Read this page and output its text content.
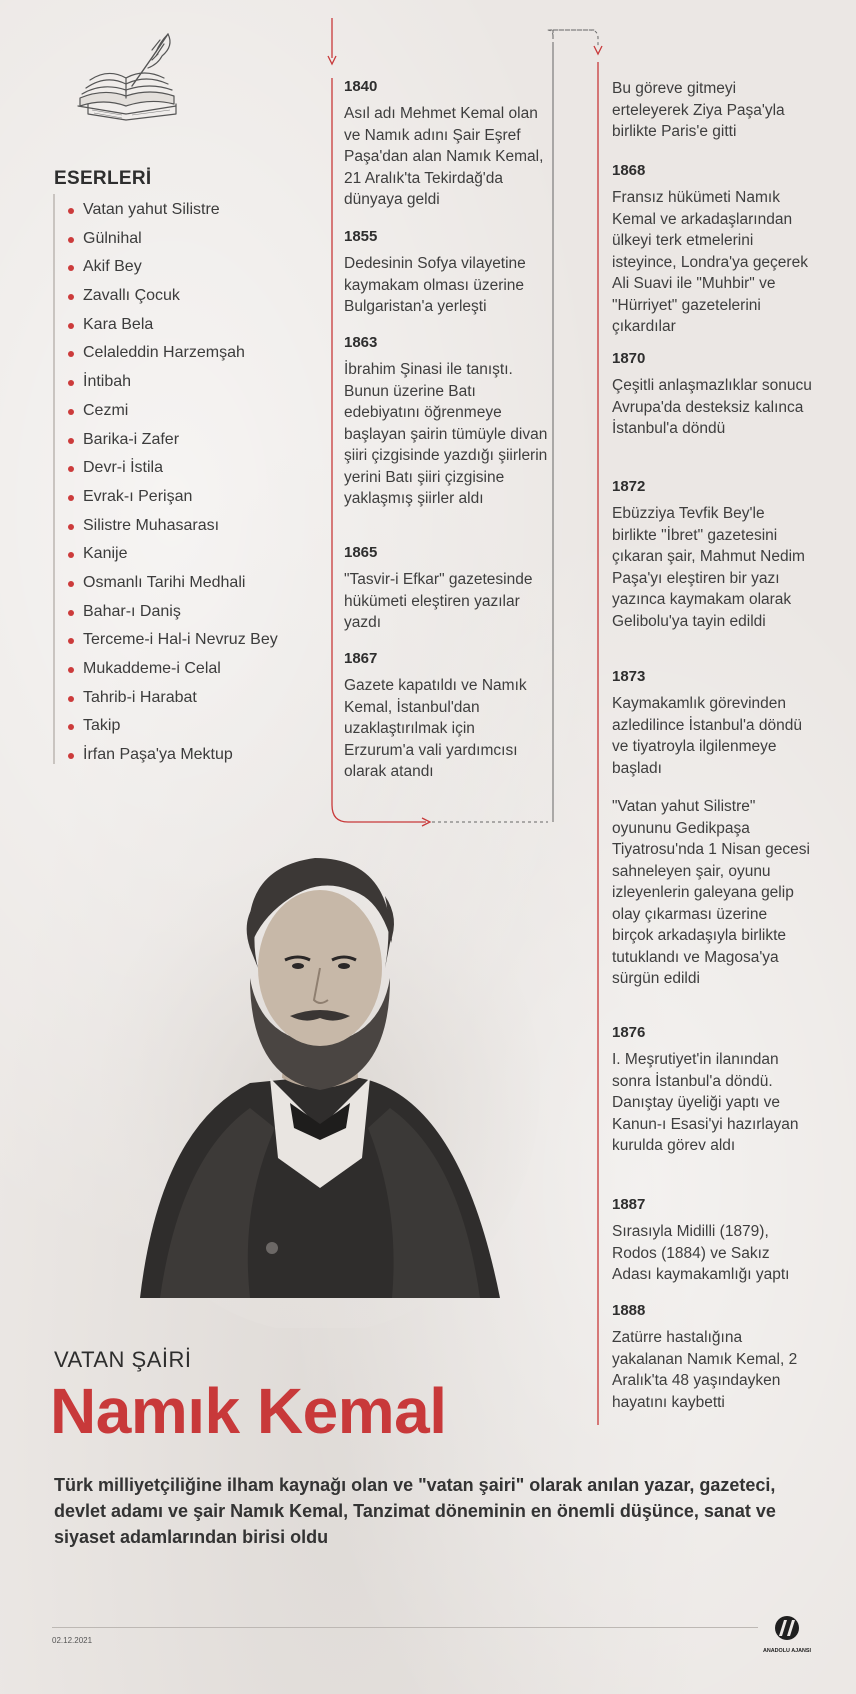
ESERLERİ
Vatan yahut Silistre
Gülnihal
Akif Bey
Zavallı Çocuk
Kara Bela
Celaleddin Harzemşah
İntibah
Cezmi
Barika-i Zafer
Devr-i İstila
Evrak-ı Perişan
Silistre Muhasarası
Kanije
Osmanlı Tarihi Medhali
Bahar-ı Daniş
Terceme-i Hal-i Nevruz Bey
Mukaddeme-i Celal
Tahrib-i Harabat
Takip
İrfan Paşa'ya Mektup

1840

Asıl adı Mehmet Kemal olan ve Namık adını Şair Eşref Paşa'dan alan Namık Kemal, 21 Aralık'ta Tekirdağ'da dünyaya geldi

1855

Dedesinin Sofya vilayetine kaymakam olması üzerine Bulgaristan'a yerleşti

1863

İbrahim Şinasi ile tanıştı. Bunun üzerine Batı edebiyatını öğrenmeye başlayan şairin tümüyle divan şiiri çizgisinde yazdığı şiirlerin yerini Batı şiiri çizgisine yaklaşmış şiirler aldı

1865

"Tasvir-i Efkar" gazetesinde hükümeti eleştiren yazılar yazdı

1867

Gazete kapatıldı ve Namık Kemal, İstanbul'dan uzaklaştırılmak için Erzurum'a vali yardımcısı olarak atandı

Bu göreve gitmeyi erteleyerek Ziya Paşa'yla birlikte Paris'e gitti

1868

Fransız hükümeti Namık Kemal ve arkadaşlarından ülkeyi terk etmelerini isteyince, Londra'ya geçerek Ali Suavi ile "Muhbir" ve "Hürriyet" gazetelerini çıkardılar

1870

Çeşitli anlaşmazlıklar sonucu Avrupa'da desteksiz kalınca İstanbul'a döndü

1872

Ebüzziya Tevfik Bey'le birlikte "İbret" gazetesini çıkaran şair, Mahmut Nedim Paşa'yı eleştiren bir yazı yazınca kaymakam olarak Gelibolu'ya tayin edildi

1873

Kaymakamlık görevinden azledilince İstanbul'a döndü ve tiyatroyla ilgilenmeye başladı

"Vatan yahut Silistre" oyununu Gedikpaşa Tiyatrosu'nda 1 Nisan gecesi sahneleyen şair, oyunu izleyenlerin galeyana gelip olay çıkarması üzerine birçok arkadaşıyla birlikte tutuklandı ve Magosa'ya sürgün edildi

1876

I. Meşrutiyet'in ilanından sonra İstanbul'a döndü. Danıştay üyeliği yaptı ve Kanun-ı Esasi'yi hazırlayan kurulda görev aldı

1887

Sırasıyla Midilli (1879), Rodos (1884) ve Sakız Adası kaymakamlığı yaptı

1888

Zatürre hastalığına yakalanan Namık Kemal, 2 Aralık'ta 48 yaşındayken hayatını kaybetti

VATAN ŞAİRİ
Namık Kemal
Türk milliyetçiliğine ilham kaynağı olan ve "vatan şairi" olarak anılan yazar, gazeteci, devlet adamı ve şair Namık Kemal, Tanzimat döneminin en önemli düşünce, sanat ve siyaset adamlarından birisi oldu
02.12.2021
ANADOLU AJANSI
